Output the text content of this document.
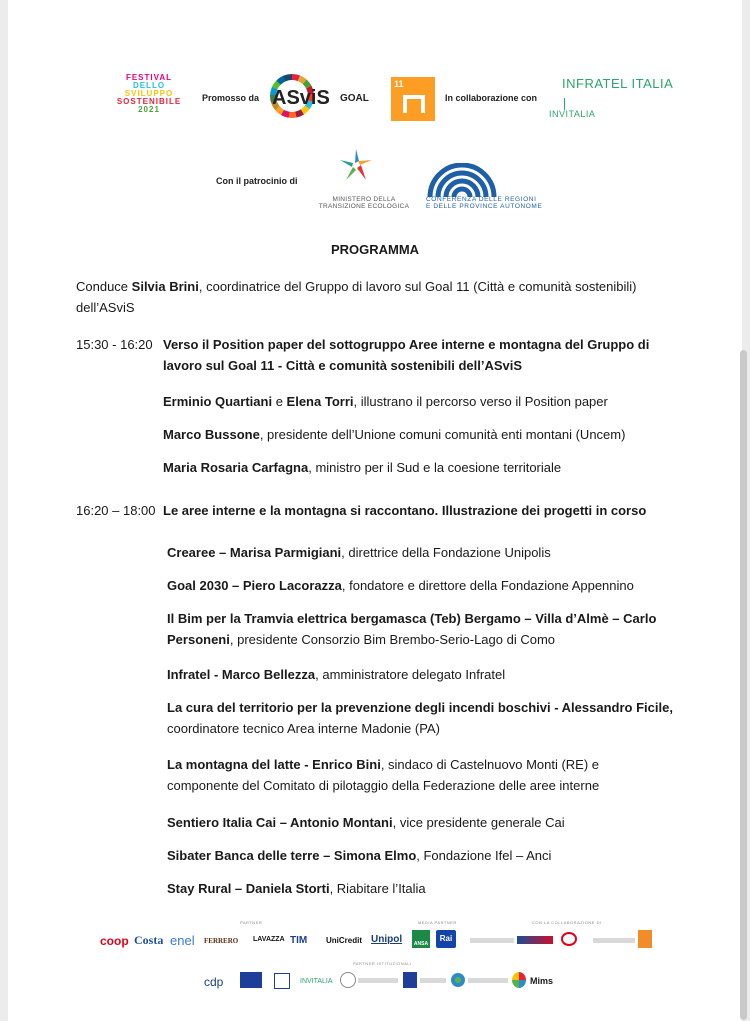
FESTIVAL
DELLO
SVILUPPO
SOSTENIBILE
2021
Promosso da ASviS GOAL
11
In collaborazione con
INFRATEL ITALIA
INVITALIA
Con il patrocinio di
MINISTERO DELLA
TRANSIZIONE ECOLOGICA
CONFERENZA DELLE REGIONI
E DELLE PROVINCE AUTONOME
PROGRAMMA
Conduce Silvia Brini, coordinatrice del Gruppo di lavoro sul Goal 11 (Città e comunità sostenibili) dell’ASviS
15:30 - 16:20 Verso il Position paper del sottogruppo Aree interne e montagna del Gruppo di
lavoro sul Goal 11 - Città e comunità sostenibili dell’ASviS
Erminio Quartiani e Elena Torri, illustrano il percorso verso il Position paper
Marco Bussone, presidente dell’Unione comuni comunità enti montani (Uncem)
Maria Rosaria Carfagna, ministro per il Sud e la coesione territoriale
16:20 – 18:00 Le aree interne e la montagna si raccontano. Illustrazione dei progetti in corso
Crearee – Marisa Parmigiani, direttrice della Fondazione Unipolis
Goal 2030 – Piero Lacorazza, fondatore e direttore della Fondazione Appennino
Il Bim per la Tramvia elettrica bergamasca (Teb) Bergamo – Villa d’Almè – Carlo
Personeni, presidente Consorzio Bim Brembo-Serio-Lago di Como
Infratel - Marco Bellezza, amministratore delegato Infratel
La cura del territorio per la prevenzione degli incendi boschivi - Alessandro Ficile,
coordinatore tecnico Area interne Madonie (PA)
La montagna del latte - Enrico Bini, sindaco di Castelnuovo Monti (RE) e
componente del Comitato di pilotaggio della Federazione delle aree interne
Sentiero Italia Cai – Antonio Montani, vice presidente generale Cai
Sibater Banca delle terre – Simona Elmo, Fondazione Ifel – Anci
Stay Rural – Daniela Storti, Riabitare l’Italia
PARTNER	MEDIA PARTNER	CON LA COLLABORAZIONE DI
PARTNER ISTITUZIONALI
coop Costa enel FERRERO LAVAZZA TIM UniCredit Unipol	ANSA
Rai
cdp	INVITALIA	Mims
